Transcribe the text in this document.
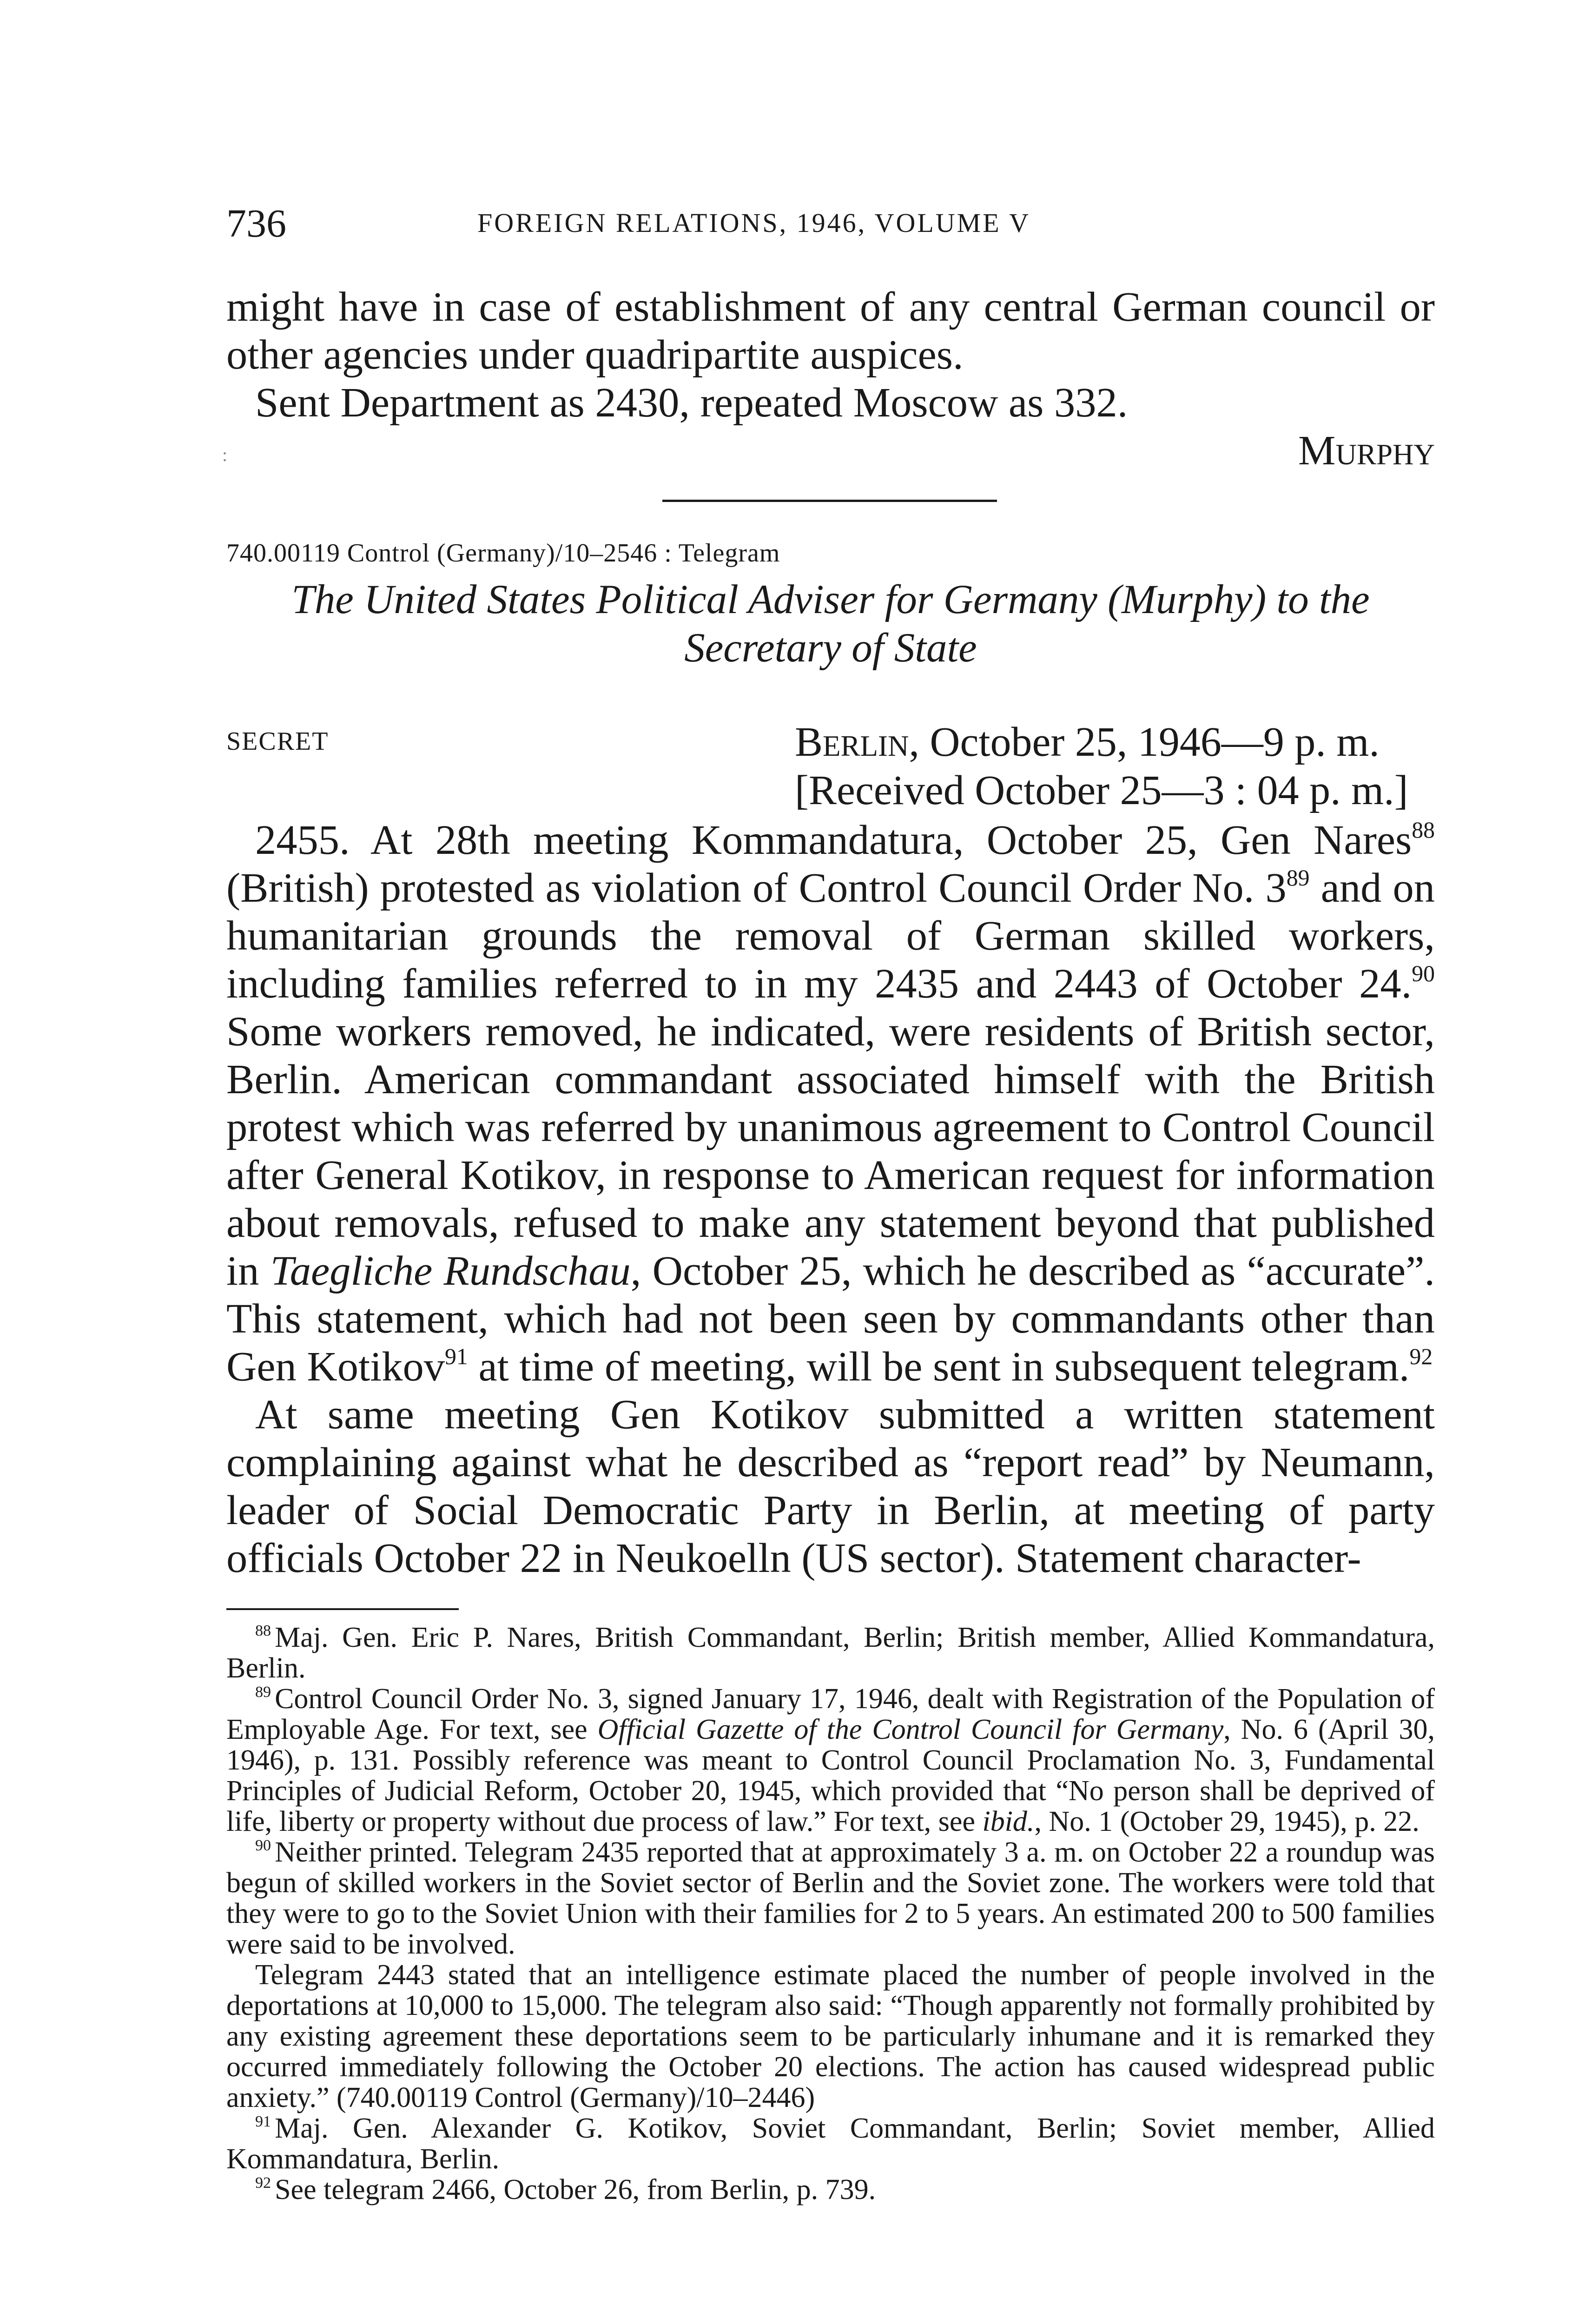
736	FOREIGN RELATIONS, 1946, VOLUME V

might have in case of establishment of any central German council or other agencies under quadripartite auspices.

Sent Department as 2430, repeated Moscow as 332.

Murphy

:
740.00119 Control (Germany)/10–2546 : Telegram
The United States Political Adviser for Germany (Murphy) to the Secretary of State
SECRET	Berlin, October 25, 1946—9 p. m.
[Received October 25—3 : 04 p. m.]

2455. At 28th meeting Kommandatura, October 25, Gen Nares$^{88}$ (British) protested as violation of Control Council Order No. $3^{89}$ and on humanitarian grounds the removal of German skilled workers, including families referred to in my 2435 and 2443 of October 24.90 Some workers removed, he indicated, were residents of British sector, Berlin. American commandant associated himself with the British protest which was referred by unanimous agreement to Control Council after General Kotikov, in response to American request for information about removals, refused to make any statement beyond that published in Taegliche Rundschau, October 25, which he described as “accurate”. This statement, which had not been seen by commandants other than Gen Kotikov$^{91}$ at time of meeting, will be sent in subsequent telegram.$^{92}$

At same meeting Gen Kotikov submitted a written statement complaining against what he described as “report read” by Neumann, leader of Social Democratic Party in Berlin, at meeting of party officials October 22 in Neukoelln (US sector). Statement character-

$^{88}$ Maj. Gen. Eric P. Nares, British Commandant, Berlin; British member, Allied Kommandatura, Berlin.

$^{89}$ Control Council Order No. 3, signed January 17, 1946, dealt with Registration of the Population of Employable Age. For text, see Official Gazette of the Control Council for Germany, No. 6 (April 30, 1946), p. 131. Possibly reference was meant to Control Council Proclamation No. 3, Fundamental Principles of Judicial Reform, October 20, 1945, which provided that “No person shall be deprived of life, liberty or property without due process of law.” For text, see ibid., No. 1 (October 29, 1945), p. 22.

$^{90}$ Neither printed. Telegram 2435 reported that at approximately 3 a. m. on October 22 a roundup was begun of skilled workers in the Soviet sector of Berlin and the Soviet zone. The workers were told that they were to go to the Soviet Union with their families for 2 to 5 years. An estimated 200 to 500 families were said to be involved.

Telegram 2443 stated that an intelligence estimate placed the number of people involved in the deportations at 10,000 to 15,000. The telegram also said: “Though apparently not formally prohibited by any existing agreement these deportations seem to be particularly inhumane and it is remarked they occurred immediately following the October 20 elections. The action has caused widespread public anxiety.” (740.00119 Control (Germany)/10–2446)

$^{91}$ Maj. Gen. Alexander G. Kotikov, Soviet Commandant, Berlin; Soviet member, Allied Kommandatura, Berlin.

$^{92}$ See telegram 2466, October 26, from Berlin, p. 739.
